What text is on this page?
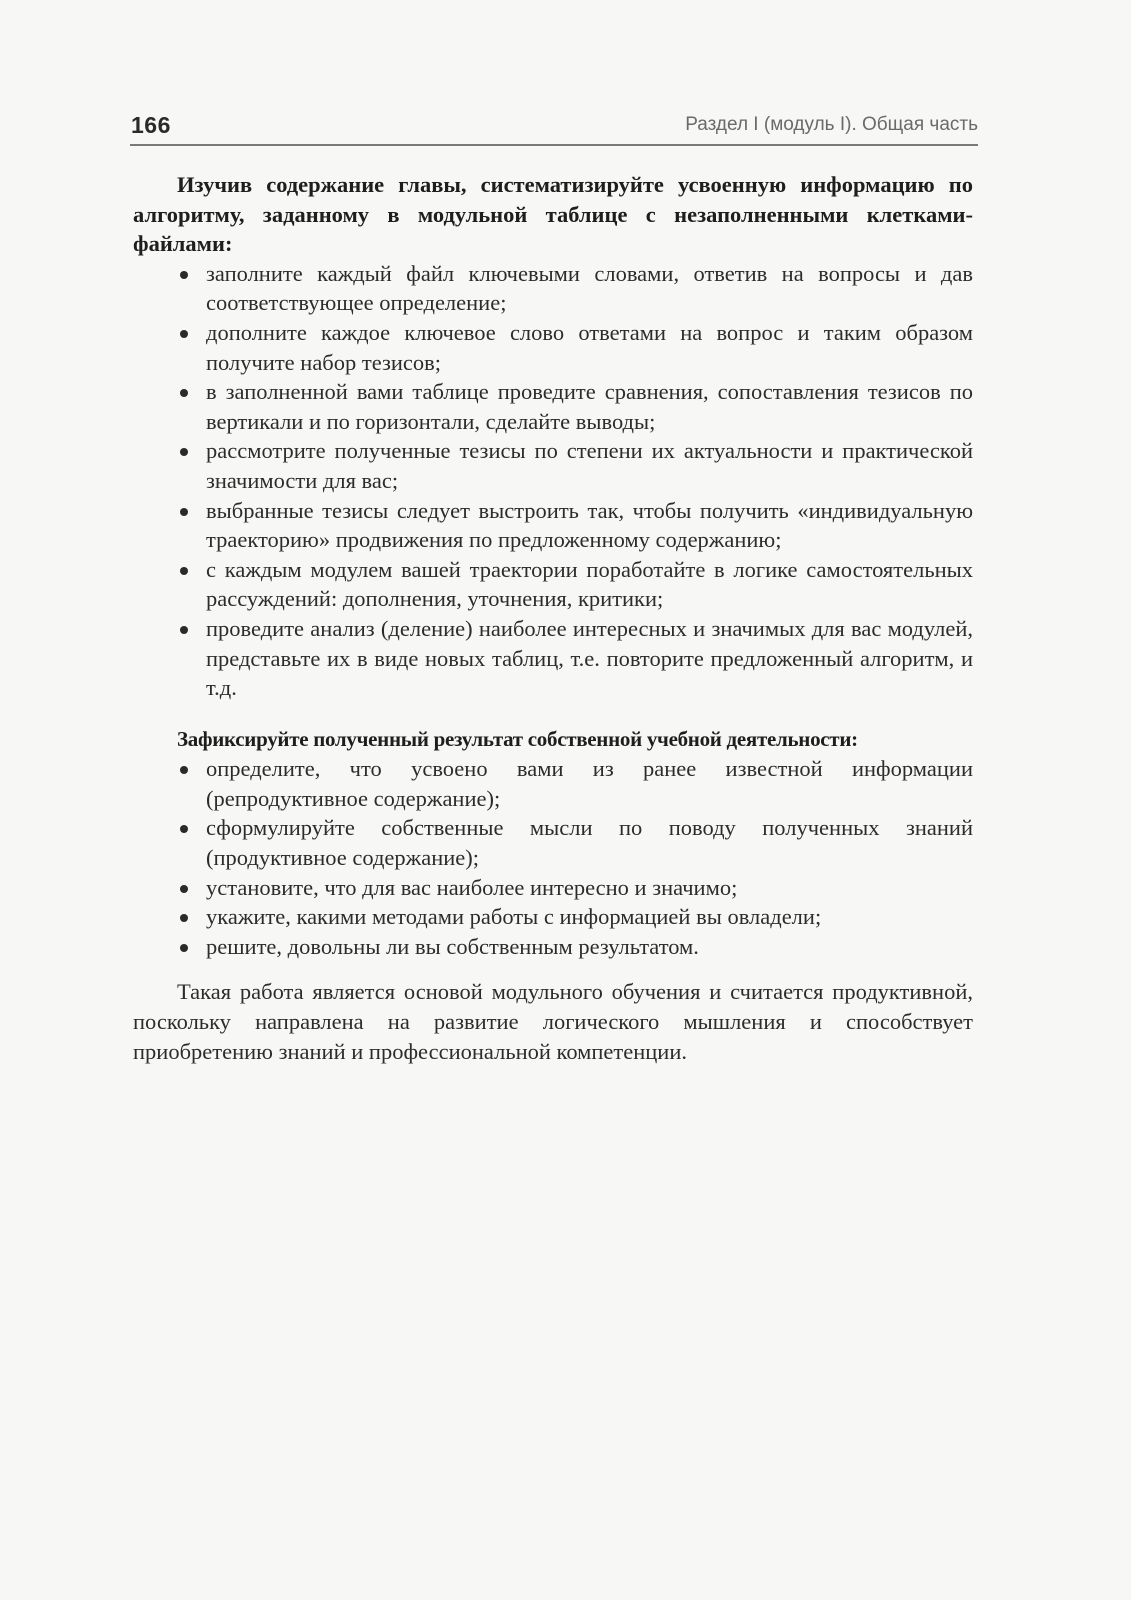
166	Раздел I (модуль I). Общая часть

Изучив содержание главы, систематизируйте усвоенную информацию по алгоритму, заданному в модульной таблице с незаполненными клетками-файлами:

заполните каждый файл ключевыми словами, ответив на вопросы и дав соответствующее определение;
дополните каждое ключевое слово ответами на вопрос и таким образом получите набор тезисов;
в заполненной вами таблице проведите сравнения, сопоставления тезисов по вертикали и по горизонтали, сделайте выводы;
рассмотрите полученные тезисы по степени их актуальности и практической значимости для вас;
выбранные тезисы следует выстроить так, чтобы получить «индивидуальную траекторию» продвижения по предложенному содержанию;
с каждым модулем вашей траектории поработайте в логике самостоятельных рассуждений: дополнения, уточнения, критики;
проведите анализ (деление) наиболее интересных и значимых для вас модулей, представьте их в виде новых таблиц, т.е. повторите предложенный алгоритм, и т.д.

Зафиксируйте полученный результат собственной учебной деятельности:

определите, что усвоено вами из ранее известной информации (репродуктивное содержание);
сформулируйте собственные мысли по поводу полученных знаний (продуктивное содержание);
установите, что для вас наиболее интересно и значимо;
укажите, какими методами работы с информацией вы овладели;
решите, довольны ли вы собственным результатом.

Такая работа является основой модульного обучения и считается продуктивной, поскольку направлена на развитие логического мышления и способствует приобретению знаний и профессиональной компетенции.
